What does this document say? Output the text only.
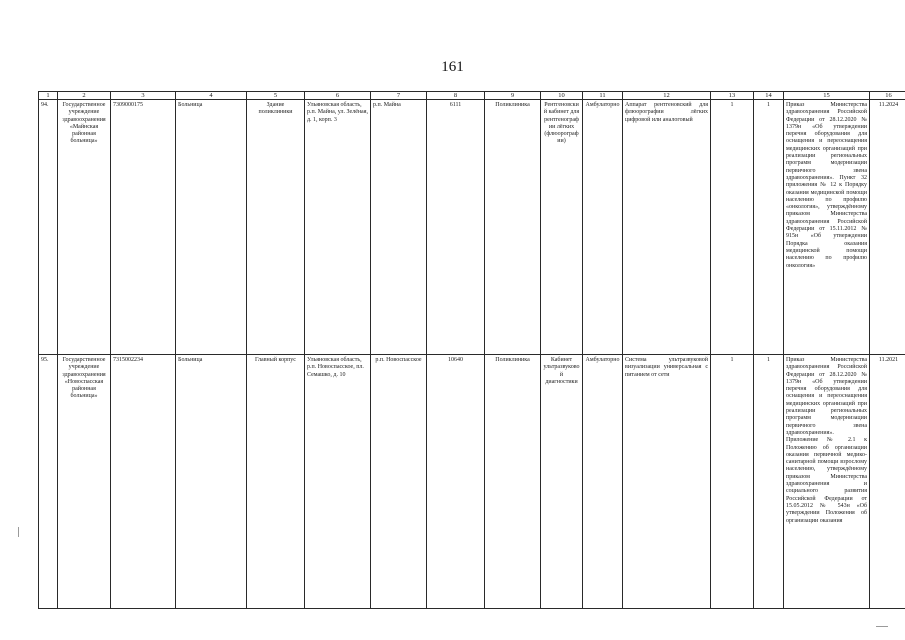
161
1	2	3	4	5	6	7	8	9	10	11	12	13	14	15	16
94.	Государственное учреждение здравоохранения «Майнская районная больница»	7309000175	Больница	Здание поликлиники	Ульяновская область, р.п. Майна, ул. Зелёная, д. 1, корп. 3	р.п. Майна	6111	Поликлиника	Рентгеновский кабинет для рентгенографии лёгких (флюорографии)	Амбулаторно	Аппарат рентгеновский для флюорографии лёгких цифровой или аналоговый	1	1	Приказ Министерства здравоохранения Российской Федерации от 28.12.2020 № 1379н «Об утверждении перечня оборудования для оснащения и переоснащения медицинских организаций при реализации региональных программ модернизации первичного звена здравоохранения». Пункт 32 приложения № 12 к Порядку оказания медицинской помощи населению по профилю «онкология», утверждённому приказом Министерства здравоохранения Российской Федерации от 15.11.2012 № 915н «Об утверждении Порядка оказания медицинской помощи населению по профилю онкология»	11.2024
95.	Государственное учреждение здравоохранения «Новоспасская районная больница»	7315002234	Больница	Главный корпус	Ульяновская область, р.п. Новоспасское, пл. Семашко, д. 10	р.п. Новоспасское	10640	Поликлиника	Кабинет ультразвуковой диагностики	Амбулаторно	Система ультразвуковой визуализации универсальная с питанием от сети	1	1	Приказ Министерства здравоохранения Российской Федерации от 28.12.2020 № 1379н «Об утверждении перечня оборудования для оснащения и переоснащения медицинских организаций при реализации региональных программ модернизации первичного звена здравоохранения». Приложение № 2.1 к Положению об организации оказания первичной медико-санитарной помощи взрослому населению, утверждённому приказом Министерства здравоохранения и социального развития Российской Федерации от 15.05.2012 № 543н «Об утверждении Положения об организации оказания	11.2021
